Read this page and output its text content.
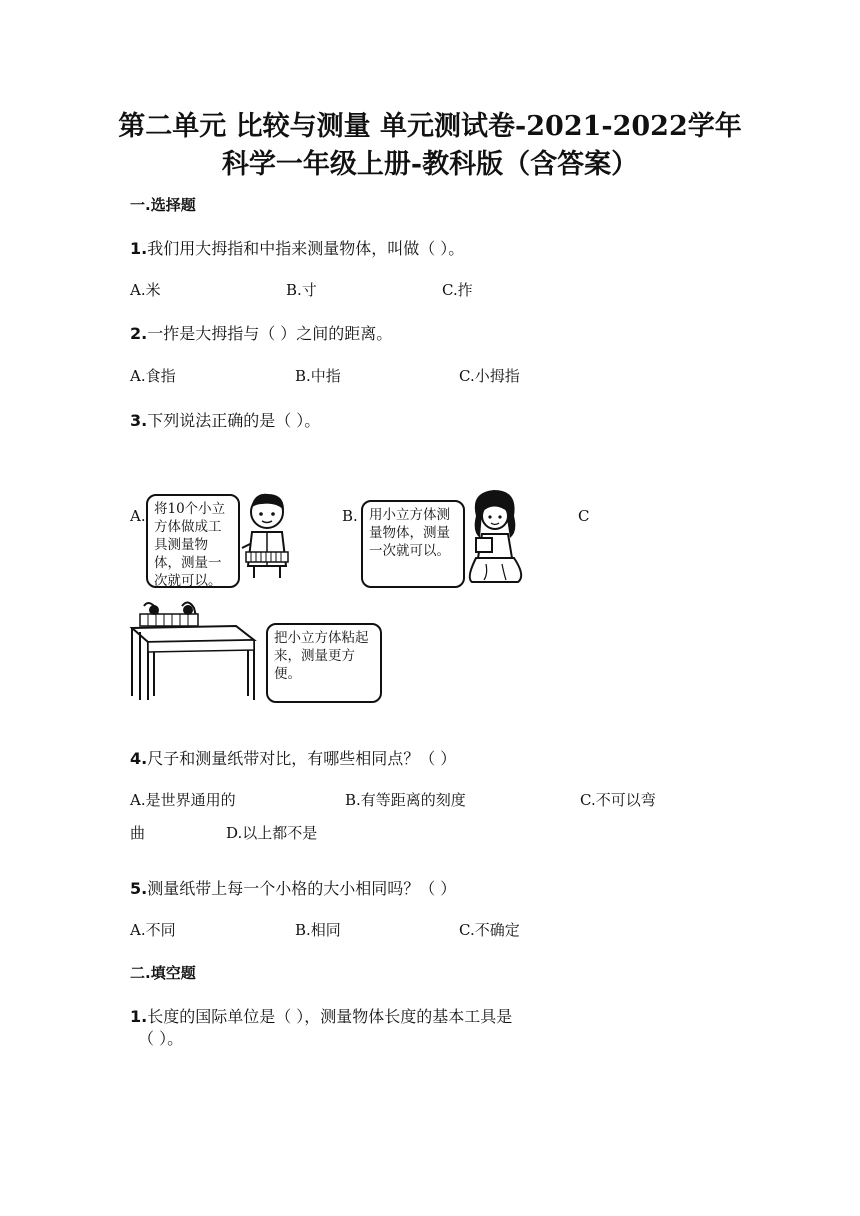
第二单元 比较与测量 单元测试卷-2021-2022学年
科学一年级上册-教科版（含答案）
一.选择题
1.我们用大拇指和中指来测量物体，叫做（ ）。
A.米	B.寸	C.拃
2.一拃是大拇指与（ ）之间的距离。
A.食指	B.中指	C.小拇指
3.下列说法正确的是（ ）。
A.	B.	C
将10个小立方体做成工具测量物体，测量一次就可以。
用小立方体测量物体，测量一次就可以。
把小立方体粘起来，测量更方便。
4.尺子和测量纸带对比，有哪些相同点？（ ）
A.是世界通用的	B.有等距离的刻度	C.不可以弯
曲	D.以上都不是
5.测量纸带上每一个小格的大小相同吗？（ ）
A.不同	B.相同	C.不确定
二.填空题
1.长度的国际单位是（ ），测量物体长度的基本工具是
（ ）。
